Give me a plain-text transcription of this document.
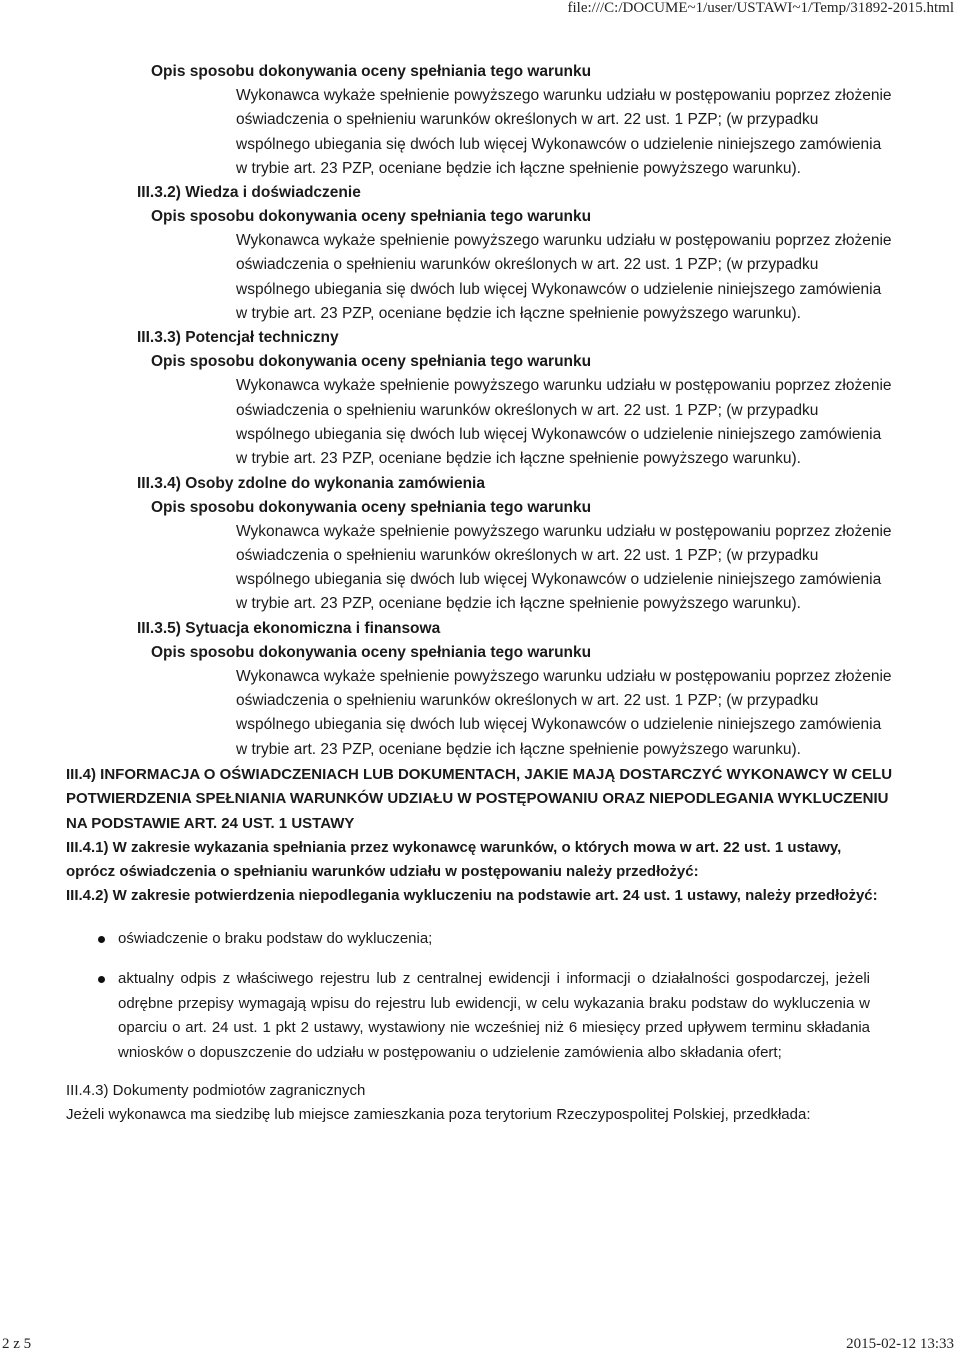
file:///C:/DOCUME~1/user/USTAWI~1/Temp/31892-2015.html
Opis sposobu dokonywania oceny spełniania tego warunku
Wykonawca wykaże spełnienie powyższego warunku udziału w postępowaniu poprzez złożenie oświadczenia o spełnieniu warunków określonych w art. 22 ust. 1 PZP; (w przypadku wspólnego ubiegania się dwóch lub więcej Wykonawców o udzielenie niniejszego zamówienia w trybie art. 23 PZP, oceniane będzie ich łączne spełnienie powyższego warunku).
III.3.2) Wiedza i doświadczenie
Opis sposobu dokonywania oceny spełniania tego warunku
Wykonawca wykaże spełnienie powyższego warunku udziału w postępowaniu poprzez złożenie oświadczenia o spełnieniu warunków określonych w art. 22 ust. 1 PZP; (w przypadku wspólnego ubiegania się dwóch lub więcej Wykonawców o udzielenie niniejszego zamówienia w trybie art. 23 PZP, oceniane będzie ich łączne spełnienie powyższego warunku).
III.3.3) Potencjał techniczny
Opis sposobu dokonywania oceny spełniania tego warunku
Wykonawca wykaże spełnienie powyższego warunku udziału w postępowaniu poprzez złożenie oświadczenia o spełnieniu warunków określonych w art. 22 ust. 1 PZP; (w przypadku wspólnego ubiegania się dwóch lub więcej Wykonawców o udzielenie niniejszego zamówienia w trybie art. 23 PZP, oceniane będzie ich łączne spełnienie powyższego warunku).
III.3.4) Osoby zdolne do wykonania zamówienia
Opis sposobu dokonywania oceny spełniania tego warunku
Wykonawca wykaże spełnienie powyższego warunku udziału w postępowaniu poprzez złożenie oświadczenia o spełnieniu warunków określonych w art. 22 ust. 1 PZP; (w przypadku wspólnego ubiegania się dwóch lub więcej Wykonawców o udzielenie niniejszego zamówienia w trybie art. 23 PZP, oceniane będzie ich łączne spełnienie powyższego warunku).
III.3.5) Sytuacja ekonomiczna i finansowa
Opis sposobu dokonywania oceny spełniania tego warunku
Wykonawca wykaże spełnienie powyższego warunku udziału w postępowaniu poprzez złożenie oświadczenia o spełnieniu warunków określonych w art. 22 ust. 1 PZP; (w przypadku wspólnego ubiegania się dwóch lub więcej Wykonawców o udzielenie niniejszego zamówienia w trybie art. 23 PZP, oceniane będzie ich łączne spełnienie powyższego warunku).
III.4) INFORMACJA O OŚWIADCZENIACH LUB DOKUMENTACH, JAKIE MAJĄ DOSTARCZYĆ WYKONAWCY W CELU POTWIERDZENIA SPEŁNIANIA WARUNKÓW UDZIAŁU W POSTĘPOWANIU ORAZ NIEPODLEGANIA WYKLUCZENIU NA PODSTAWIE ART. 24 UST. 1 USTAWY
III.4.1) W zakresie wykazania spełniania przez wykonawcę warunków, o których mowa w art. 22 ust. 1 ustawy, oprócz oświadczenia o spełnianiu warunków udziału w postępowaniu należy przedłożyć:
III.4.2) W zakresie potwierdzenia niepodlegania wykluczeniu na podstawie art. 24 ust. 1 ustawy, należy przedłożyć:
oświadczenie o braku podstaw do wykluczenia;
aktualny odpis z właściwego rejestru lub z centralnej ewidencji i informacji o działalności gospodarczej, jeżeli odrębne przepisy wymagają wpisu do rejestru lub ewidencji, w celu wykazania braku podstaw do wykluczenia w oparciu o art. 24 ust. 1 pkt 2 ustawy, wystawiony nie wcześniej niż 6 miesięcy przed upływem terminu składania wniosków o dopuszczenie do udziału w postępowaniu o udzielenie zamówienia albo składania ofert;
III.4.3) Dokumenty podmiotów zagranicznych
Jeżeli wykonawca ma siedzibę lub miejsce zamieszkania poza terytorium Rzeczypospolitej Polskiej, przedkłada:
2 z 5	2015-02-12 13:33
